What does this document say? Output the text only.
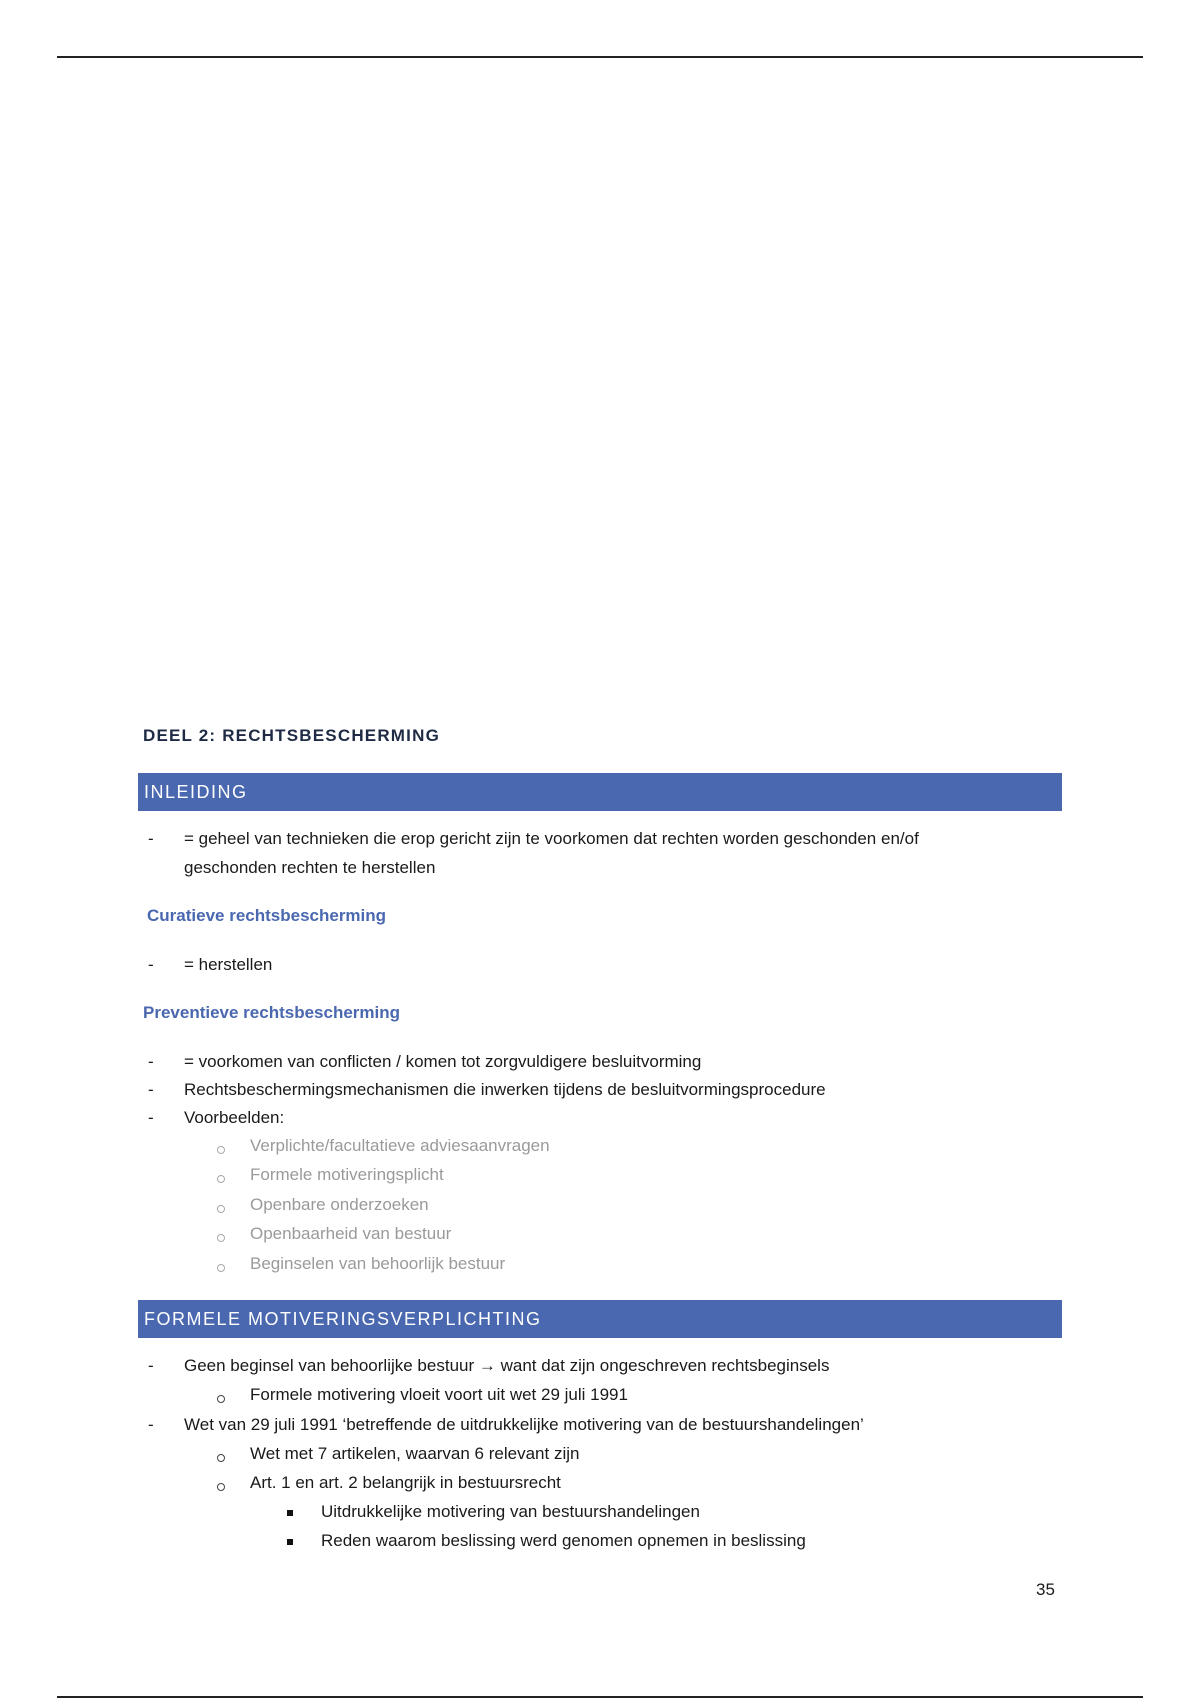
DEEL 2: RECHTSBESCHERMING
INLEIDING
- = geheel van technieken die erop gericht zijn te voorkomen dat rechten worden geschonden en/of
geschonden rechten te herstellen
Curatieve rechtsbescherming
- = herstellen
Preventieve rechtsbescherming
- = voorkomen van conflicten / komen tot zorgvuldigere besluitvorming
- Rechtsbeschermingsmechanismen die inwerken tijdens de besluitvormingsprocedure
- Voorbeelden:
Verplichte/facultatieve adviesaanvragen
Formele motiveringsplicht
Openbare onderzoeken
Openbaarheid van bestuur
Beginselen van behoorlijk bestuur
FORMELE MOTIVERINGSVERPLICHTING
- Geen beginsel van behoorlijke bestuur → want dat zijn ongeschreven rechtsbeginsels
Formele motivering vloeit voort uit wet 29 juli 1991
- Wet van 29 juli 1991 ‘betreffende de uitdrukkelijke motivering van de bestuurshandelingen’
Wet met 7 artikelen, waarvan 6 relevant zijn
Art. 1 en art. 2 belangrijk in bestuursrecht
Uitdrukkelijke motivering van bestuurshandelingen
Reden waarom beslissing werd genomen opnemen in beslissing
35
